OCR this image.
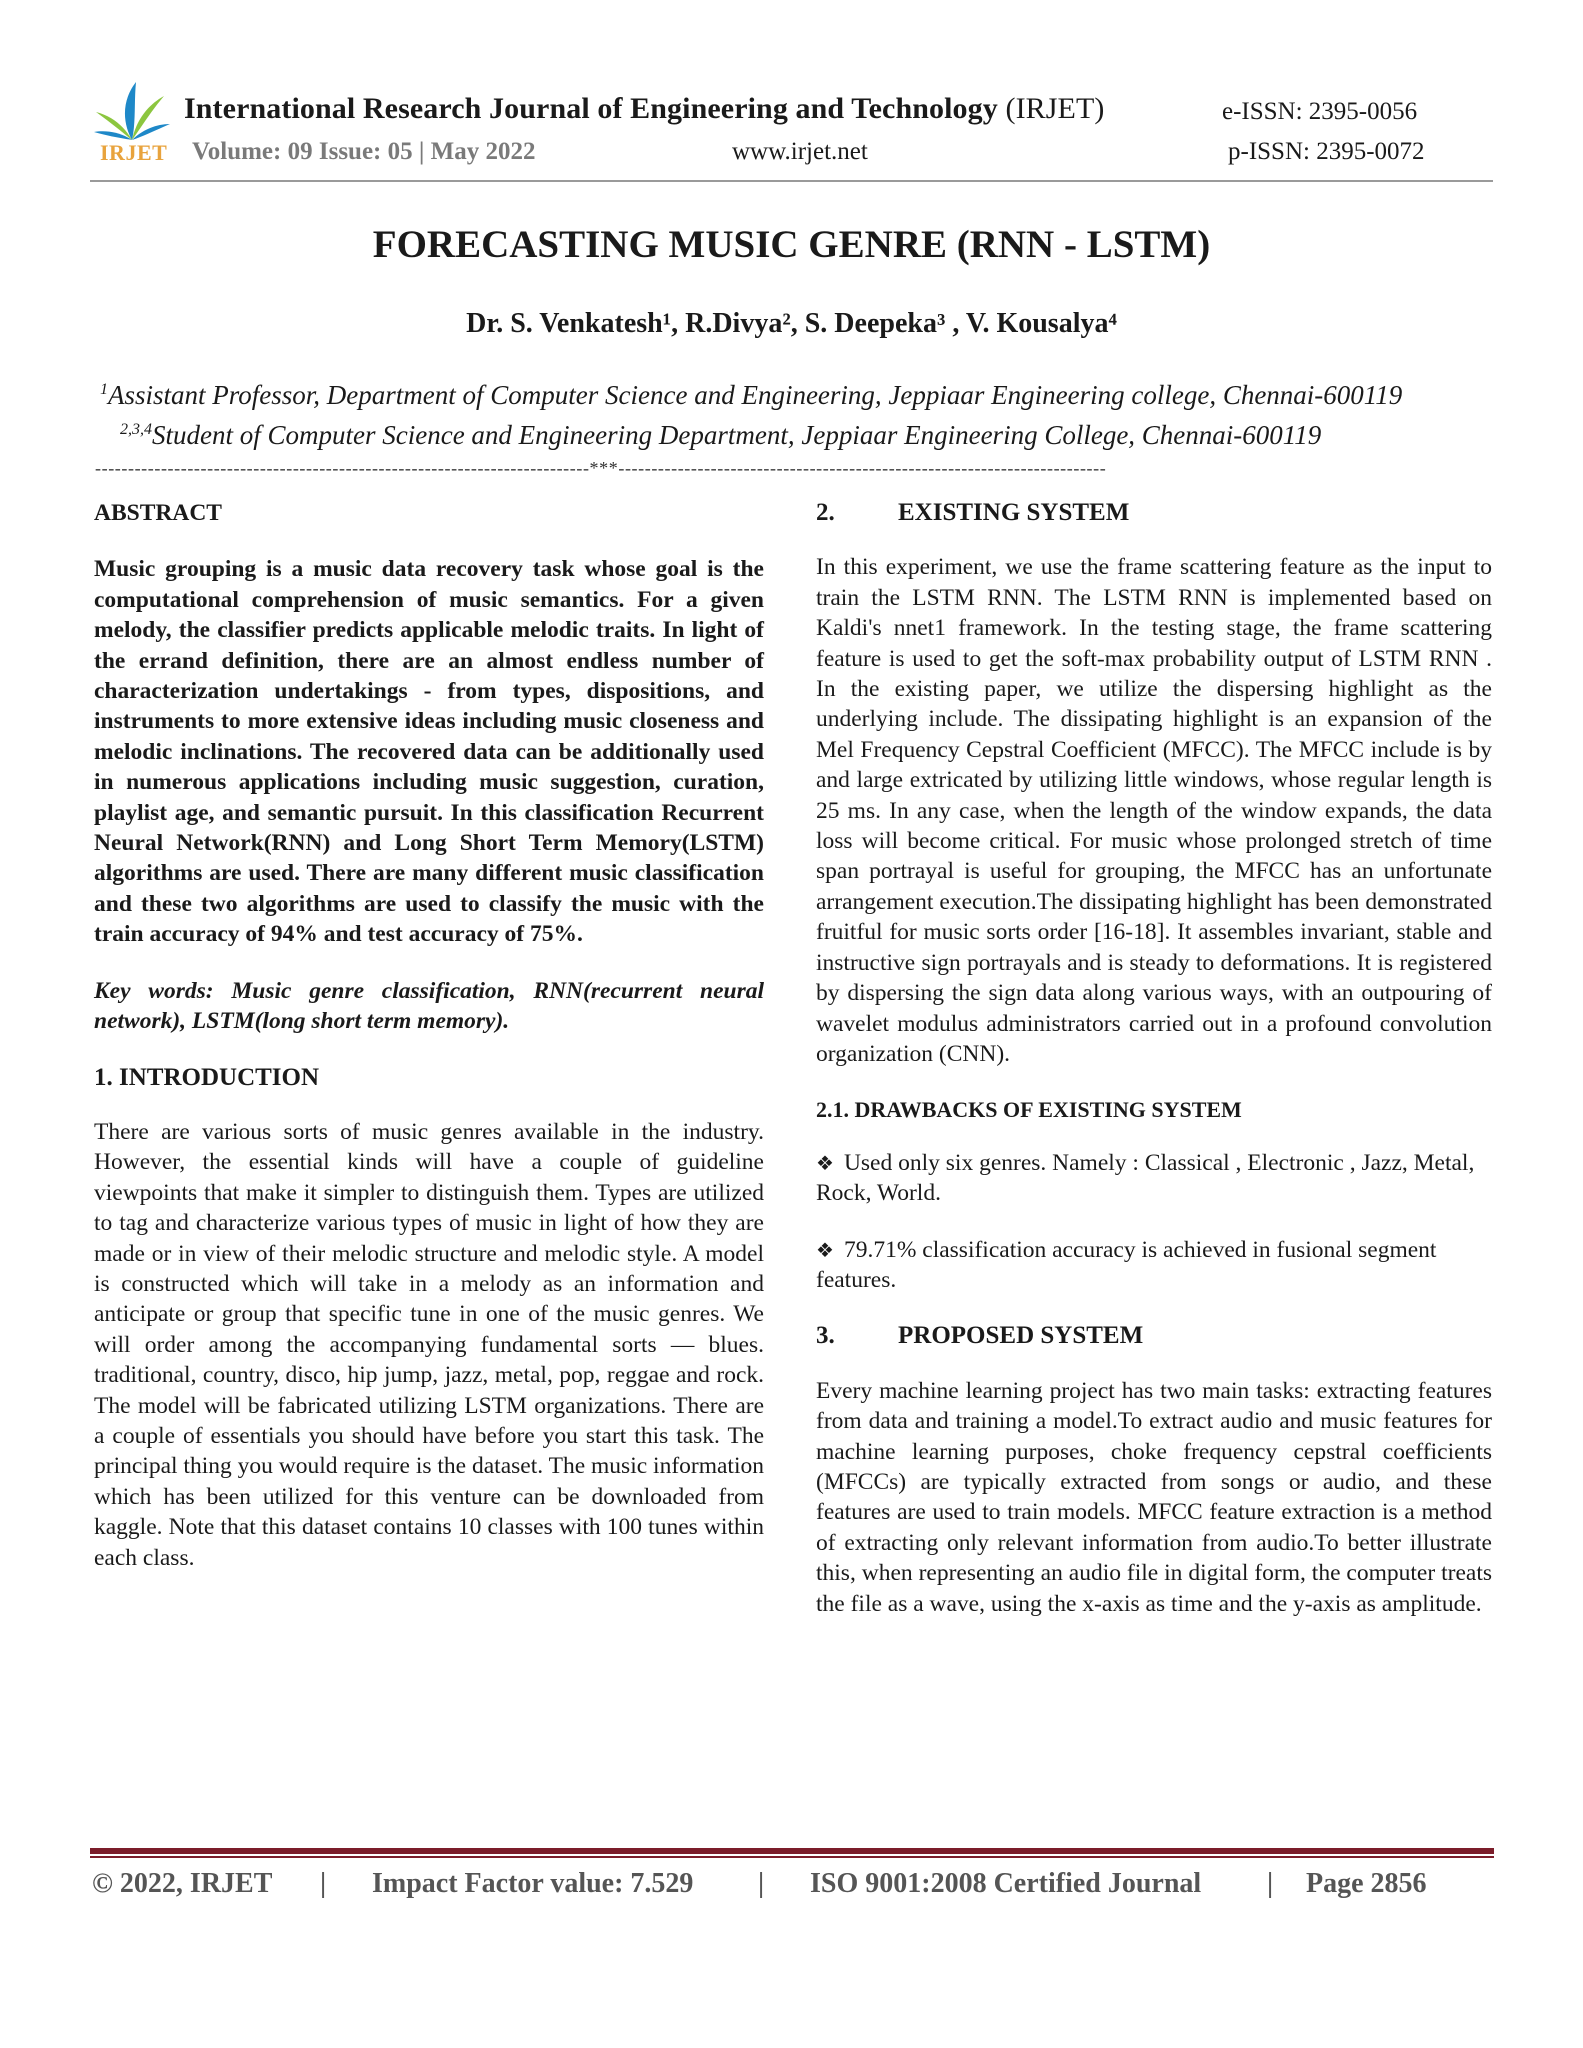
IRJET
International Research Journal of Engineering and Technology (IRJET)	e-ISSN: 2395-0056
Volume: 09 Issue: 05 | May 2022	www.irjet.net	p-ISSN: 2395-0072
FORECASTING MUSIC GENRE (RNN - LSTM)
Dr. S. Venkatesh¹, R.Divya², S. Deepeka³ , V. Kousalya⁴
$^1$Assistant Professor, Department of Computer Science and Engineering, Jeppiaar Engineering college, Chennai-600119
$^{2,3,4}$Student of Computer Science and Engineering Department, Jeppiaar Engineering College, Chennai-600119
---------------------------------------------------------------------------***--------------------------------------------------------------------------

ABSTRACT

Music grouping is a music data recovery task whose goal is the computational comprehension of music semantics. For a given melody, the classifier predicts applicable melodic traits. In light of the errand definition, there are an almost endless number of characterization undertakings - from types, dispositions, and instruments to more extensive ideas including music closeness and melodic inclinations. The recovered data can be additionally used in numerous applications including music suggestion, curation, playlist age, and semantic pursuit. In this classification Recurrent Neural Network(RNN) and Long Short Term Memory(LSTM) algorithms are used. There are many different music classification and these two algorithms are used to classify the music with the train accuracy of 94% and test accuracy of 75%.

Key words: Music genre classification, RNN(recurrent neural network), LSTM(long short term memory).

1. INTRODUCTION

There are various sorts of music genres available in the industry. However, the essential kinds will have a couple of guideline viewpoints that make it simpler to distinguish them. Types are utilized to tag and characterize various types of music in light of how they are made or in view of their melodic structure and melodic style. A model is constructed which will take in a melody as an information and anticipate or group that specific tune in one of the music genres. We will order among the accompanying fundamental sorts — blues. traditional, country, disco, hip jump, jazz, metal, pop, reggae and rock. The model will be fabricated utilizing LSTM organizations. There are a couple of essentials you should have before you start this task. The principal thing you would require is the dataset. The music information which has been utilized for this venture can be downloaded from kaggle. Note that this dataset contains 10 classes with 100 tunes within each class.

2.	EXISTING SYSTEM

In this experiment, we use the frame scattering feature as the input to train the LSTM RNN. The LSTM RNN is implemented based on Kaldi's nnet1 framework. In the testing stage, the frame scattering feature is used to get the soft-max probability output of LSTM RNN . In the existing paper, we utilize the dispersing highlight as the underlying include. The dissipating highlight is an expansion of the Mel Frequency Cepstral Coefficient (MFCC). The MFCC include is by and large extricated by utilizing little windows, whose regular length is 25 ms. In any case, when the length of the window expands, the data loss will become critical. For music whose prolonged stretch of time span portrayal is useful for grouping, the MFCC has an unfortunate arrangement execution.The dissipating highlight has been demonstrated fruitful for music sorts order [16-18]. It assembles invariant, stable and instructive sign portrayals and is steady to deformations. It is registered by dispersing the sign data along various ways, with an outpouring of wavelet modulus administrators carried out in a profound convolution organization (CNN).

2.1. DRAWBACKS OF EXISTING SYSTEM

❖ Used only six genres. Namely : Classical , Electronic , Jazz, Metal, Rock, World.

❖ 79.71% classification accuracy is achieved in fusional segment features.

3.	PROPOSED SYSTEM

Every machine learning project has two main tasks: extracting features from data and training a model.To extract audio and music features for machine learning purposes, choke frequency cepstral coefficients (MFCCs) are typically extracted from songs or audio, and these features are used to train models. MFCC feature extraction is a method of extracting only relevant information from audio.To better illustrate this, when representing an audio file in digital form, the computer treats the file as a wave, using the x-axis as time and the y-axis as amplitude.

© 2022, IRJET | Impact Factor value: 7.529 | ISO 9001:2008 Certified Journal | Page 2856
